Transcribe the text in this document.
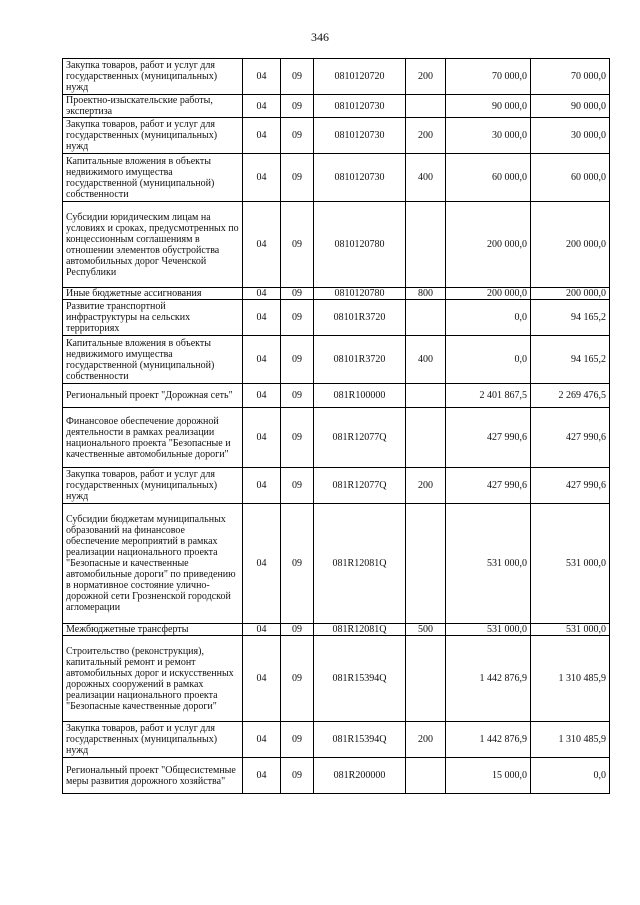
346
Закупка товаров, работ и услуг для государственных (муниципальных) нужд	04	09	0810120720	200	70 000,0	70 000,0
Проектно-изыскательские работы, экспертиза	04	09	0810120730		90 000,0	90 000,0
Закупка товаров, работ и услуг для государственных (муниципальных) нужд	04	09	0810120730	200	30 000,0	30 000,0
Капитальные вложения в объекты недвижимого имущества государственной (муниципальной) собственности	04	09	0810120730	400	60 000,0	60 000,0
Субсидии юридическим лицам на условиях и сроках, предусмотренных по концессионным соглашениям в отношении элементов обустройства автомобильных дорог Чеченской Республики	04	09	0810120780		200 000,0	200 000,0
Иные бюджетные ассигнования	04	09	0810120780	800	200 000,0	200 000,0
Развитие транспортной инфраструктуры на сельских территориях	04	09	08101R3720		0,0	94 165,2
Капитальные вложения в объекты недвижимого имущества государственной (муниципальной) собственности	04	09	08101R3720	400	0,0	94 165,2
Региональный проект "Дорожная сеть"	04	09	081R100000		2 401 867,5	2 269 476,5
Финансовое обеспечение дорожной деятельности в рамках реализации национального проекта "Безопасные и качественные автомобильные дороги"	04	09	081R12077Q		427 990,6	427 990,6
Закупка товаров, работ и услуг для государственных (муниципальных) нужд	04	09	081R12077Q	200	427 990,6	427 990,6
Субсидии бюджетам муниципальных образований на финансовое обеспечение мероприятий в рамках реализации национального проекта "Безопасные и качественные автомобильные дороги" по приведению в нормативное состояние улично-дорожной сети Грозненской городской агломерации	04	09	081R12081Q		531 000,0	531 000,0
Межбюджетные трансферты	04	09	081R12081Q	500	531 000,0	531 000,0
Строительство (реконструкция), капитальный ремонт и ремонт автомобильных дорог и искусственных дорожных сооружений в рамках реализации национального проекта "Безопасные качественные дороги"	04	09	081R15394Q		1 442 876,9	1 310 485,9
Закупка товаров, работ и услуг для государственных (муниципальных) нужд	04	09	081R15394Q	200	1 442 876,9	1 310 485,9
Региональный проект "Общесистемные меры развития дорожного хозяйства"	04	09	081R200000		15 000,0	0,0
